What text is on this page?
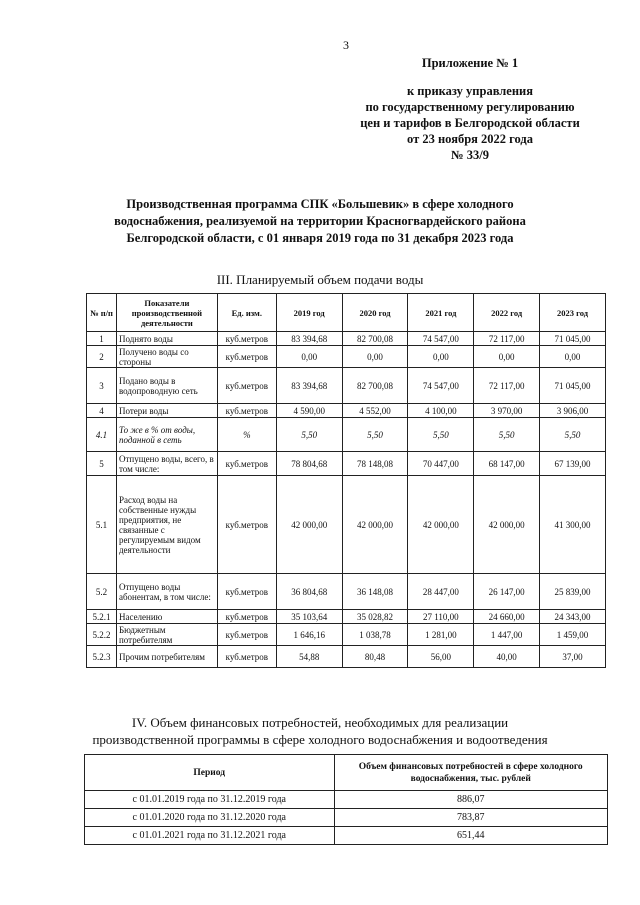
3
Приложение № 1
к приказу управления
по государственному регулированию
цен и тарифов в Белгородской области
от 23 ноября 2022 года
№ 33/9
Производственная программа СПК «Большевик» в сфере холодного
водоснабжения, реализуемой на территории Красногвардейского района
Белгородской области, с 01 января 2019 года по 31 декабря 2023 года
III. Планируемый объем подачи воды
№ п/п	Показатели производственной деятельности	Ед. изм.	2019 год	2020 год	2021 год	2022 год	2023 год
1	Поднято воды	куб.метров	83 394,68	82 700,08	74 547,00	72 117,00	71 045,00
2	Получено воды со стороны	куб.метров	0,00	0,00	0,00	0,00	0,00
3	Подано воды в водопроводную сеть	куб.метров	83 394,68	82 700,08	74 547,00	72 117,00	71 045,00
4	Потери воды	куб.метров	4 590,00	4 552,00	4 100,00	3 970,00	3 906,00
4.1	То же в % от воды, поданной в сеть	%	5,50	5,50	5,50	5,50	5,50
5	Отпущено воды, всего, в том числе:	куб.метров	78 804,68	78 148,08	70 447,00	68 147,00	67 139,00
5.1	Расход воды на собственные нужды предприятия, не связанные с регулируемым видом деятельности	куб.метров	42 000,00	42 000,00	42 000,00	42 000,00	41 300,00
5.2	Отпущено воды абонентам, в том числе:	куб.метров	36 804,68	36 148,08	28 447,00	26 147,00	25 839,00
5.2.1	Населению	куб.метров	35 103,64	35 028,82	27 110,00	24 660,00	24 343,00
5.2.2	Бюджетным потребителям	куб.метров	1 646,16	1 038,78	1 281,00	1 447,00	1 459,00
5.2.3	Прочим потребителям	куб.метров	54,88	80,48	56,00	40,00	37,00
IV. Объем финансовых потребностей, необходимых для реализации
производственной программы в сфере холодного водоснабжения и водоотведения
Период	Объем финансовых потребностей в сфере холодного водоснабжения, тыс. рублей
с 01.01.2019 года по 31.12.2019 года	886,07
с 01.01.2020 года по 31.12.2020 года	783,87
с 01.01.2021 года по 31.12.2021 года	651,44
